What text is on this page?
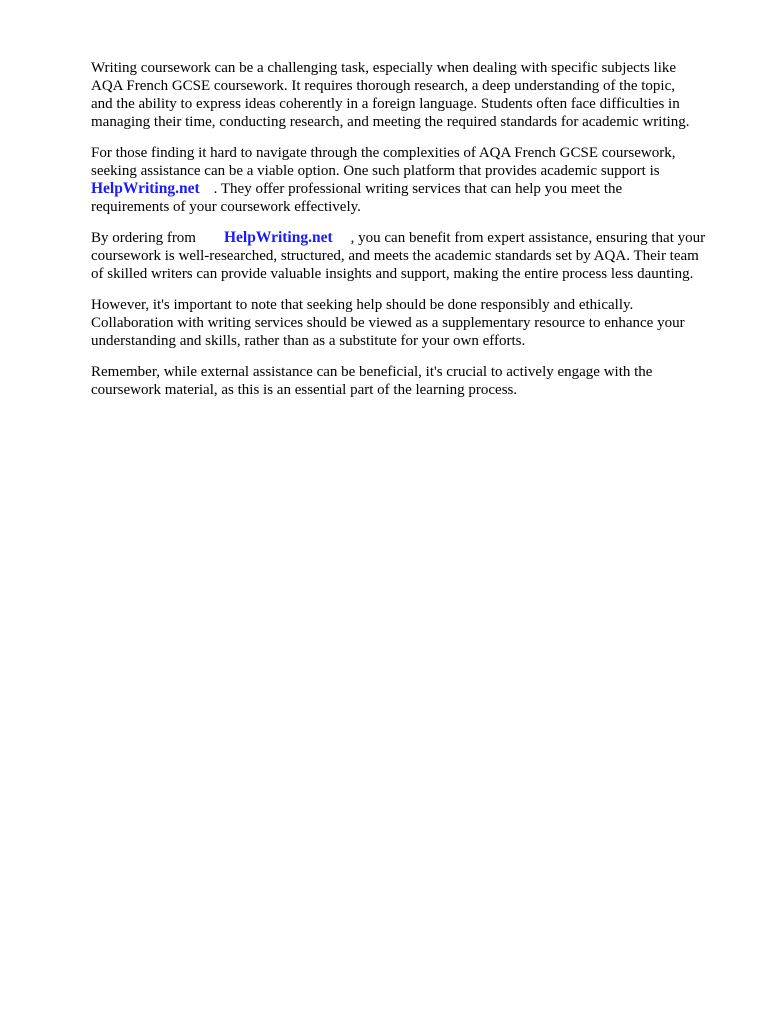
Writing coursework can be a challenging task, especially when dealing with specific subjects like
AQA French GCSE coursework. It requires thorough research, a deep understanding of the topic,
and the ability to express ideas coherently in a foreign language. Students often face difficulties in
managing their time, conducting research, and meeting the required standards for academic writing.

For those finding it hard to navigate through the complexities of AQA French GCSE coursework,
seeking assistance can be a viable option. One such platform that provides academic support is
HelpWriting.net . They offer professional writing services that can help you meet the
requirements of your coursework effectively.

By ordering from HelpWriting.net , you can benefit from expert assistance, ensuring that your
coursework is well-researched, structured, and meets the academic standards set by AQA. Their team
of skilled writers can provide valuable insights and support, making the entire process less daunting.

However, it's important to note that seeking help should be done responsibly and ethically.
Collaboration with writing services should be viewed as a supplementary resource to enhance your
understanding and skills, rather than as a substitute for your own efforts.

Remember, while external assistance can be beneficial, it's crucial to actively engage with the
coursework material, as this is an essential part of the learning process.
